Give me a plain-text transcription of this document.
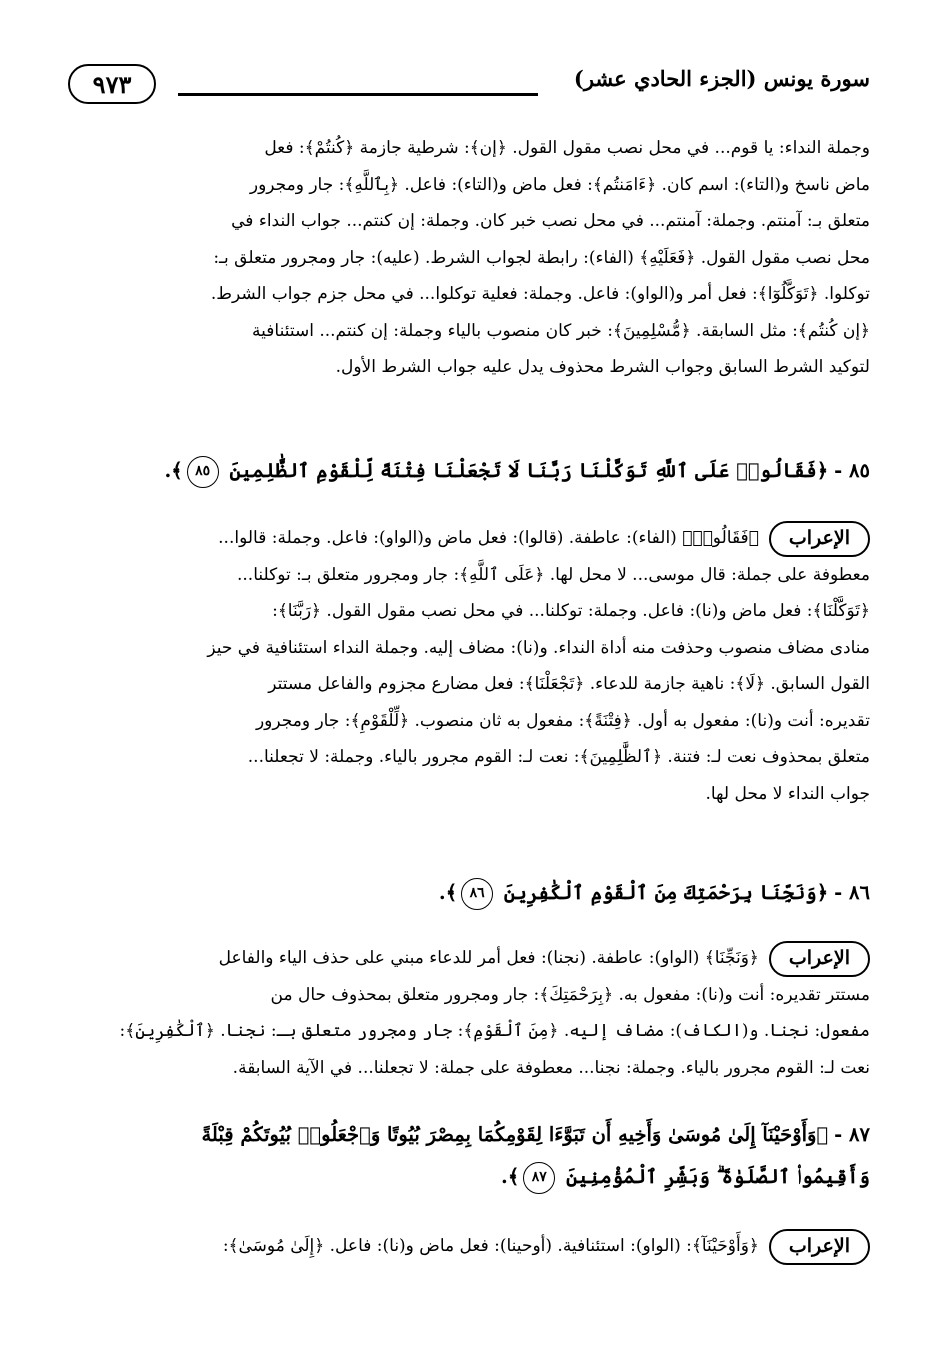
٩٧٣	سورة يونس (الجزء الحادي عشر)

وجملة النداء: يا قوم... في محل نصب مقول القول. ﴿إن﴾: شرطية جازمة ﴿كُنتُمْ﴾: فعل

ماض ناسخ و(التاء): اسم كان. ﴿ءَامَنتُم﴾: فعل ماض و(التاء): فاعل. ﴿بِٱللَّهِ﴾: جار ومجرور

متعلق بـ: آمنتم. وجملة: آمنتم... في محل نصب خبر كان. وجملة: إن كنتم... جواب النداء في

محل نصب مقول القول. ﴿فَعَلَيْهِ﴾ (الفاء): رابطة لجواب الشرط. (عليه): جار ومجرور متعلق بـ:

توكلوا. ﴿تَوَكَّلُوٓا﴾: فعل أمر و(الواو): فاعل. وجملة: فعلية توكلوا... في محل جزم جواب الشرط.

﴿إن كُنتُم﴾: مثل السابقة. ﴿مُّسْلِمِينَ﴾: خبر كان منصوب بالياء وجملة: إن كنتم... استئنافية

لتوكيد الشرط السابق وجواب الشرط محذوف يدل عليه جواب الشرط الأول.

٨٥ -﴿فَقَالُوا۟ عَلَى ٱللَّهِ تَوَكَّلْنَا رَبَّنَا لَا تَجْعَلْنَا فِتْنَةً لِّلْقَوْمِ ٱلظَّٰلِمِينَ ٨٥﴾.

الإعراب﴿فَقَالُوا۟﴾ (الفاء): عاطفة. (قالوا): فعل ماض و(الواو): فاعل. وجملة: قالوا...

معطوفة على جملة: قال موسى... لا محل لها. ﴿عَلَى ٱللَّهِ﴾: جار ومجرور متعلق بـ: توكلنا...

﴿تَوَكَّلْنَا﴾: فعل ماض و(نا): فاعل. وجملة: توكلنا... في محل نصب مقول القول. ﴿رَبَّنَا﴾:

منادى مضاف منصوب وحذفت منه أداة النداء. و(نا): مضاف إليه. وجملة النداء استئنافية في حيز

القول السابق. ﴿لَا﴾: ناهية جازمة للدعاء. ﴿تَجْعَلْنَا﴾: فعل مضارع مجزوم والفاعل مستتر

تقديره: أنت و(نا): مفعول به أول. ﴿فِتْنَةً﴾: مفعول به ثان منصوب. ﴿لِّلْقَوْمِ﴾: جار ومجرور

متعلق بمحذوف نعت لـ: فتنة. ﴿ٱلظَّٰلِمِينَ﴾: نعت لـ: القوم مجرور بالياء. وجملة: لا تجعلنا...

جواب النداء لا محل لها.

٨٦ -﴿وَنَجِّنَا بِرَحْمَتِكَ مِنَ ٱلْقَوْمِ ٱلْكَٰفِرِينَ ٨٦﴾.

الإعراب﴿وَنَجِّنَا﴾ (الواو): عاطفة. (نجنا): فعل أمر للدعاء مبني على حذف الياء والفاعل

مستتر تقديره: أنت و(نا): مفعول به. ﴿بِرَحْمَتِكَ﴾: جار ومجرور متعلق بمحذوف حال من

مفعول: نجنا. و(الكاف): مضاف إليه. ﴿مِنَ ٱلْقَوْمِ﴾: جار ومجرور متعلق بـ: نجنا. ﴿ٱلْكَٰفِرِينَ﴾:

نعت لـ: القوم مجرور بالياء. وجملة: نجنا... معطوفة على جملة: لا تجعلنا... في الآية السابقة.

٨٧ -﴿وَأَوْحَيْنَآ إِلَىٰ مُوسَىٰ وَأَخِيهِ أَن تَبَوَّءَا لِقَوْمِكُمَا بِمِصْرَ بُيُوتًا وَٱجْعَلُوا۟ بُيُوتَكُمْ قِبْلَةً

وَأَقِيمُوا۟ ٱلصَّلَوٰةَ ۗ وَبَشِّرِ ٱلْمُؤْمِنِينَ ٨٧﴾.

الإعراب﴿وَأَوْحَيْنَآ﴾: (الواو): استئنافية. (أوحينا): فعل ماض و(نا): فاعل. ﴿إِلَىٰ مُوسَىٰ﴾:
